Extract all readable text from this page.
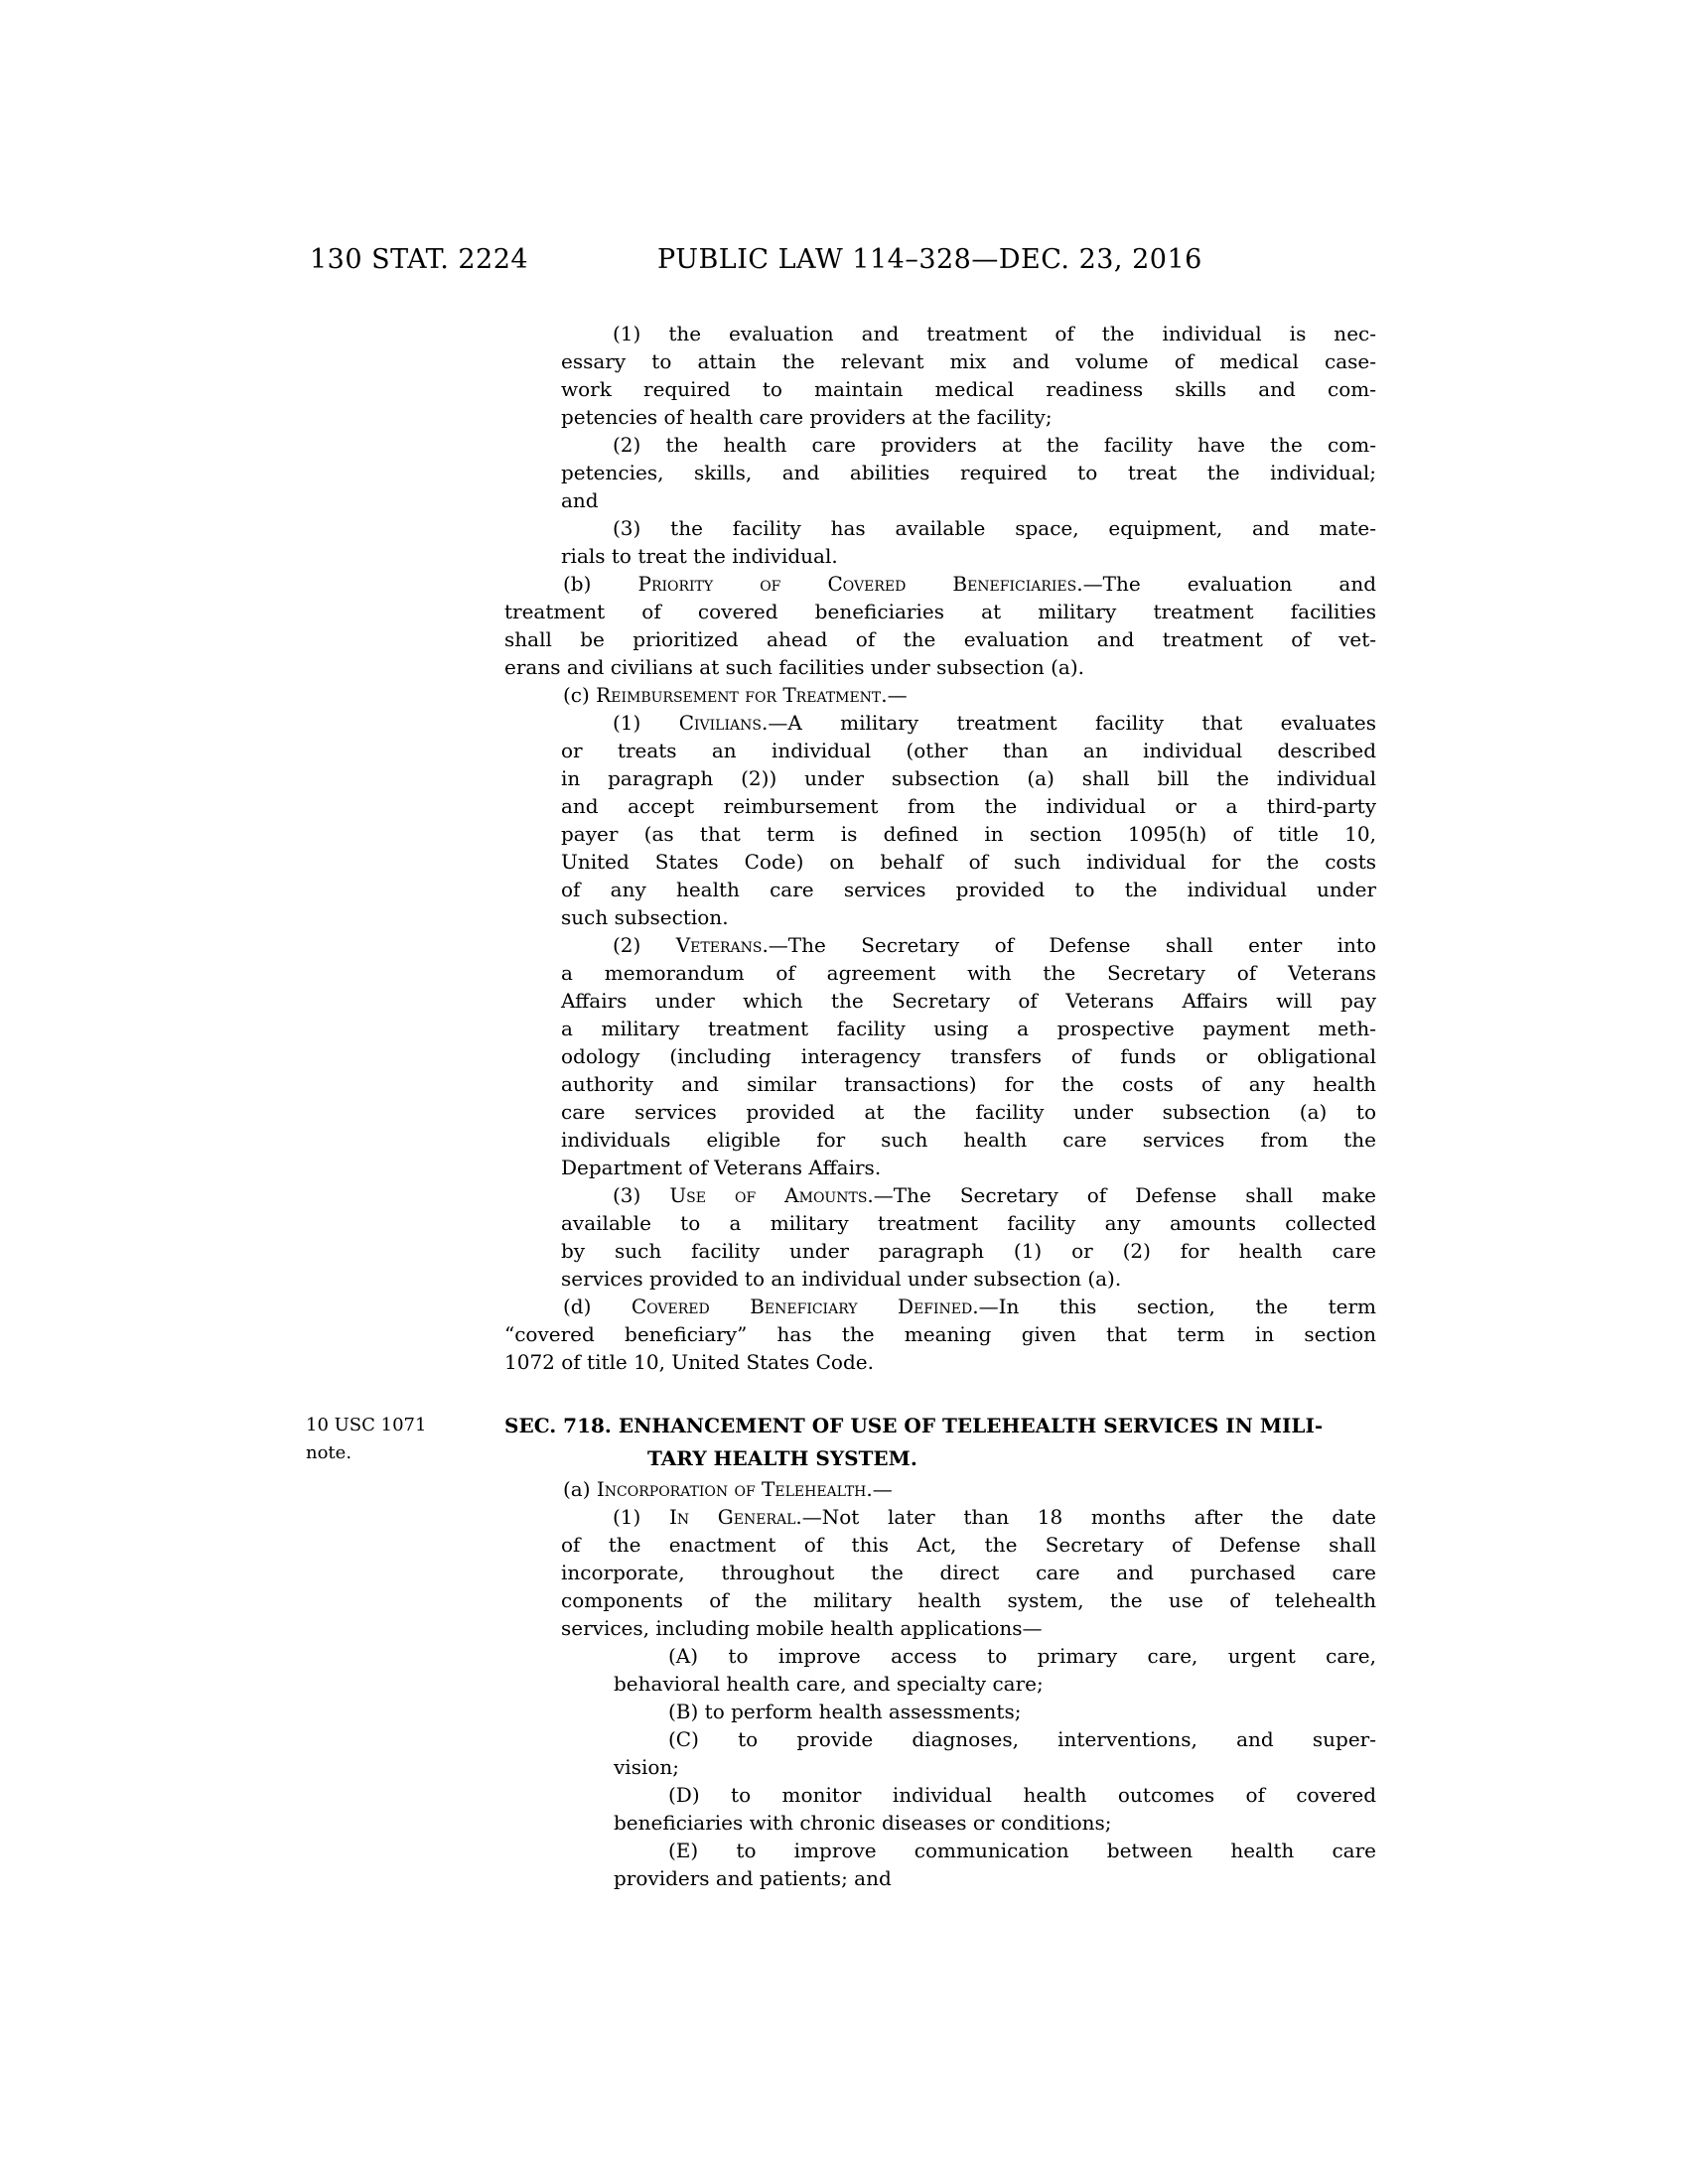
130 STAT. 2224	PUBLIC LAW 114–328—DEC. 23, 2016
(1) the evaluation and treatment of the individual is nec-
essary to attain the relevant mix and volume of medical case-
work required to maintain medical readiness skills and com-
petencies of health care providers at the facility;
(2) the health care providers at the facility have the com-
petencies, skills, and abilities required to treat the individual;
and
(3) the facility has available space, equipment, and mate-
rials to treat the individual.
(b) Priority of Covered Beneficiaries.—The evaluation and
treatment of covered beneficiaries at military treatment facilities
shall be prioritized ahead of the evaluation and treatment of vet-
erans and civilians at such facilities under subsection (a).
(c) Reimbursement for Treatment.—
(1) Civilians.—A military treatment facility that evaluates
or treats an individual (other than an individual described
in paragraph (2)) under subsection (a) shall bill the individual
and accept reimbursement from the individual or a third-party
payer (as that term is defined in section 1095(h) of title 10,
United States Code) on behalf of such individual for the costs
of any health care services provided to the individual under
such subsection.
(2) Veterans.—The Secretary of Defense shall enter into
a memorandum of agreement with the Secretary of Veterans
Affairs under which the Secretary of Veterans Affairs will pay
a military treatment facility using a prospective payment meth-
odology (including interagency transfers of funds or obligational
authority and similar transactions) for the costs of any health
care services provided at the facility under subsection (a) to
individuals eligible for such health care services from the
Department of Veterans Affairs.
(3) Use of Amounts.—The Secretary of Defense shall make
available to a military treatment facility any amounts collected
by such facility under paragraph (1) or (2) for health care
services provided to an individual under subsection (a).
(d) Covered Beneficiary Defined.—In this section, the term
“covered beneficiary” has the meaning given that term in section
1072 of title 10, United States Code.
10 USC 1071
note.
SEC. 718. ENHANCEMENT OF USE OF TELEHEALTH SERVICES IN MILI-
TARY HEALTH SYSTEM.
(a) Incorporation of Telehealth.—
(1) In General.—Not later than 18 months after the date
of the enactment of this Act, the Secretary of Defense shall
incorporate, throughout the direct care and purchased care
components of the military health system, the use of telehealth
services, including mobile health applications—
(A) to improve access to primary care, urgent care,
behavioral health care, and specialty care;
(B) to perform health assessments;
(C) to provide diagnoses, interventions, and super-
vision;
(D) to monitor individual health outcomes of covered
beneficiaries with chronic diseases or conditions;
(E) to improve communication between health care
providers and patients; and
